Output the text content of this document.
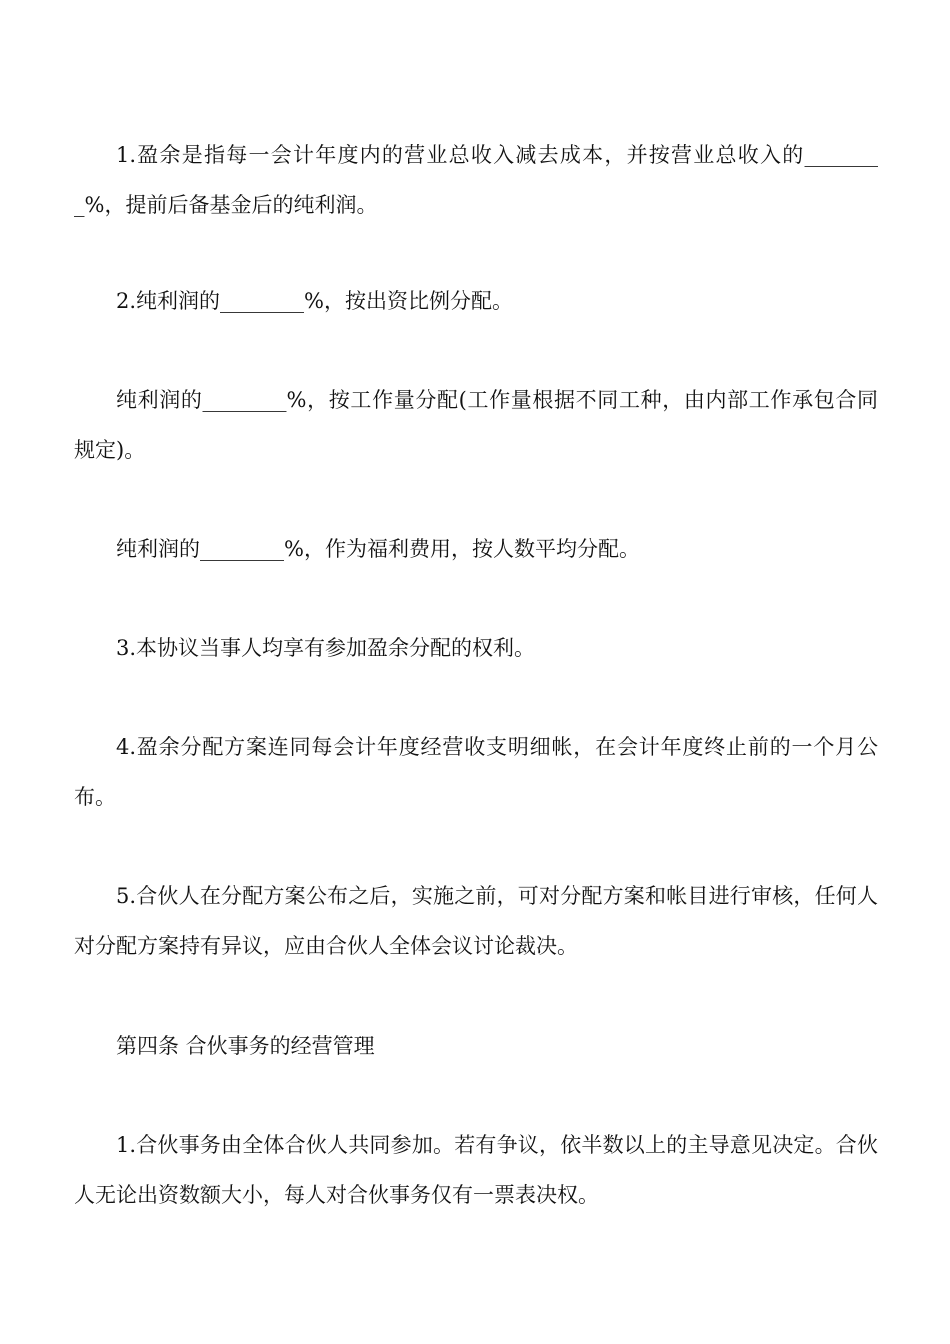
1.盈余是指每一会计年度内的营业总收入减去成本，并按营业总收入的________%，提前后备基金后的纯利润。

2.纯利润的________%，按出资比例分配。

纯利润的________%，按工作量分配(工作量根据不同工种，由内部工作承包合同规定)。

纯利润的________%，作为福利费用，按人数平均分配。

3.本协议当事人均享有参加盈余分配的权利。

4.盈余分配方案连同每会计年度经营收支明细帐，在会计年度终止前的一个月公布。

5.合伙人在分配方案公布之后，实施之前，可对分配方案和帐目进行审核，任何人对分配方案持有异议，应由合伙人全体会议讨论裁决。

第四条 合伙事务的经营管理

1.合伙事务由全体合伙人共同参加。若有争议，依半数以上的主导意见决定。合伙人无论出资数额大小，每人对合伙事务仅有一票表决权。
